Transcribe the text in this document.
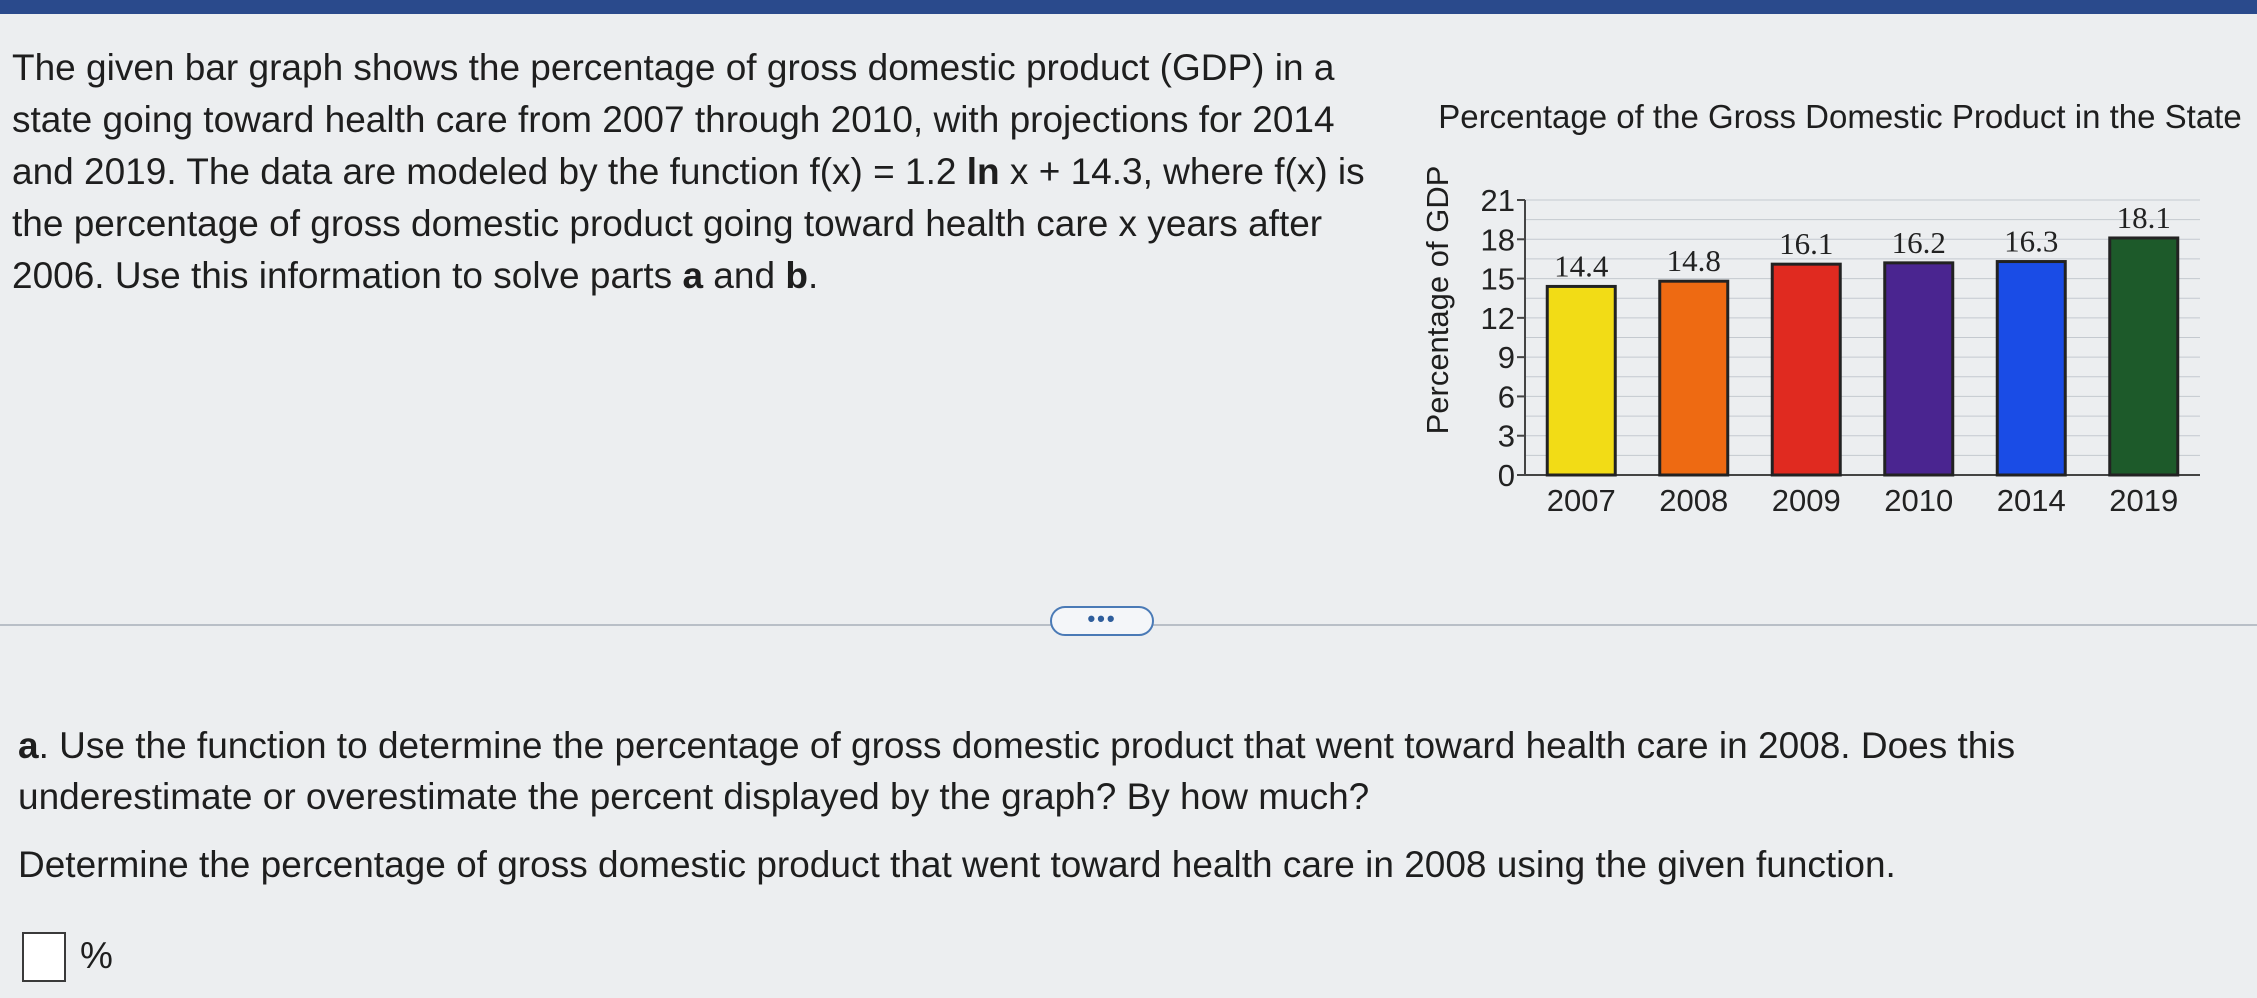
The given bar graph shows the percentage of gross domestic product (GDP) in a state going toward health care from 2007 through 2010, with projections for 2014 and 2019. The data are modeled by the function f(x) = 1.2 ln x + 14.3, where f(x) is the percentage of gross domestic product going toward health care x years after 2006. Use this information to solve parts a and b.

Percentage of the Gross Domestic Product in the State
Percentage of GDP
0
3
6
9
12
15
18
21
14.4
2007
14.8
2008
16.1
2009
16.2
2010
16.3
2014
18.1
2019
•••

a. Use the function to determine the percentage of gross domestic product that went toward health care in 2008. Does this underestimate or overestimate the percent displayed by the graph? By how much?

Determine the percentage of gross domestic product that went toward health care in 2008 using the given function.

%
